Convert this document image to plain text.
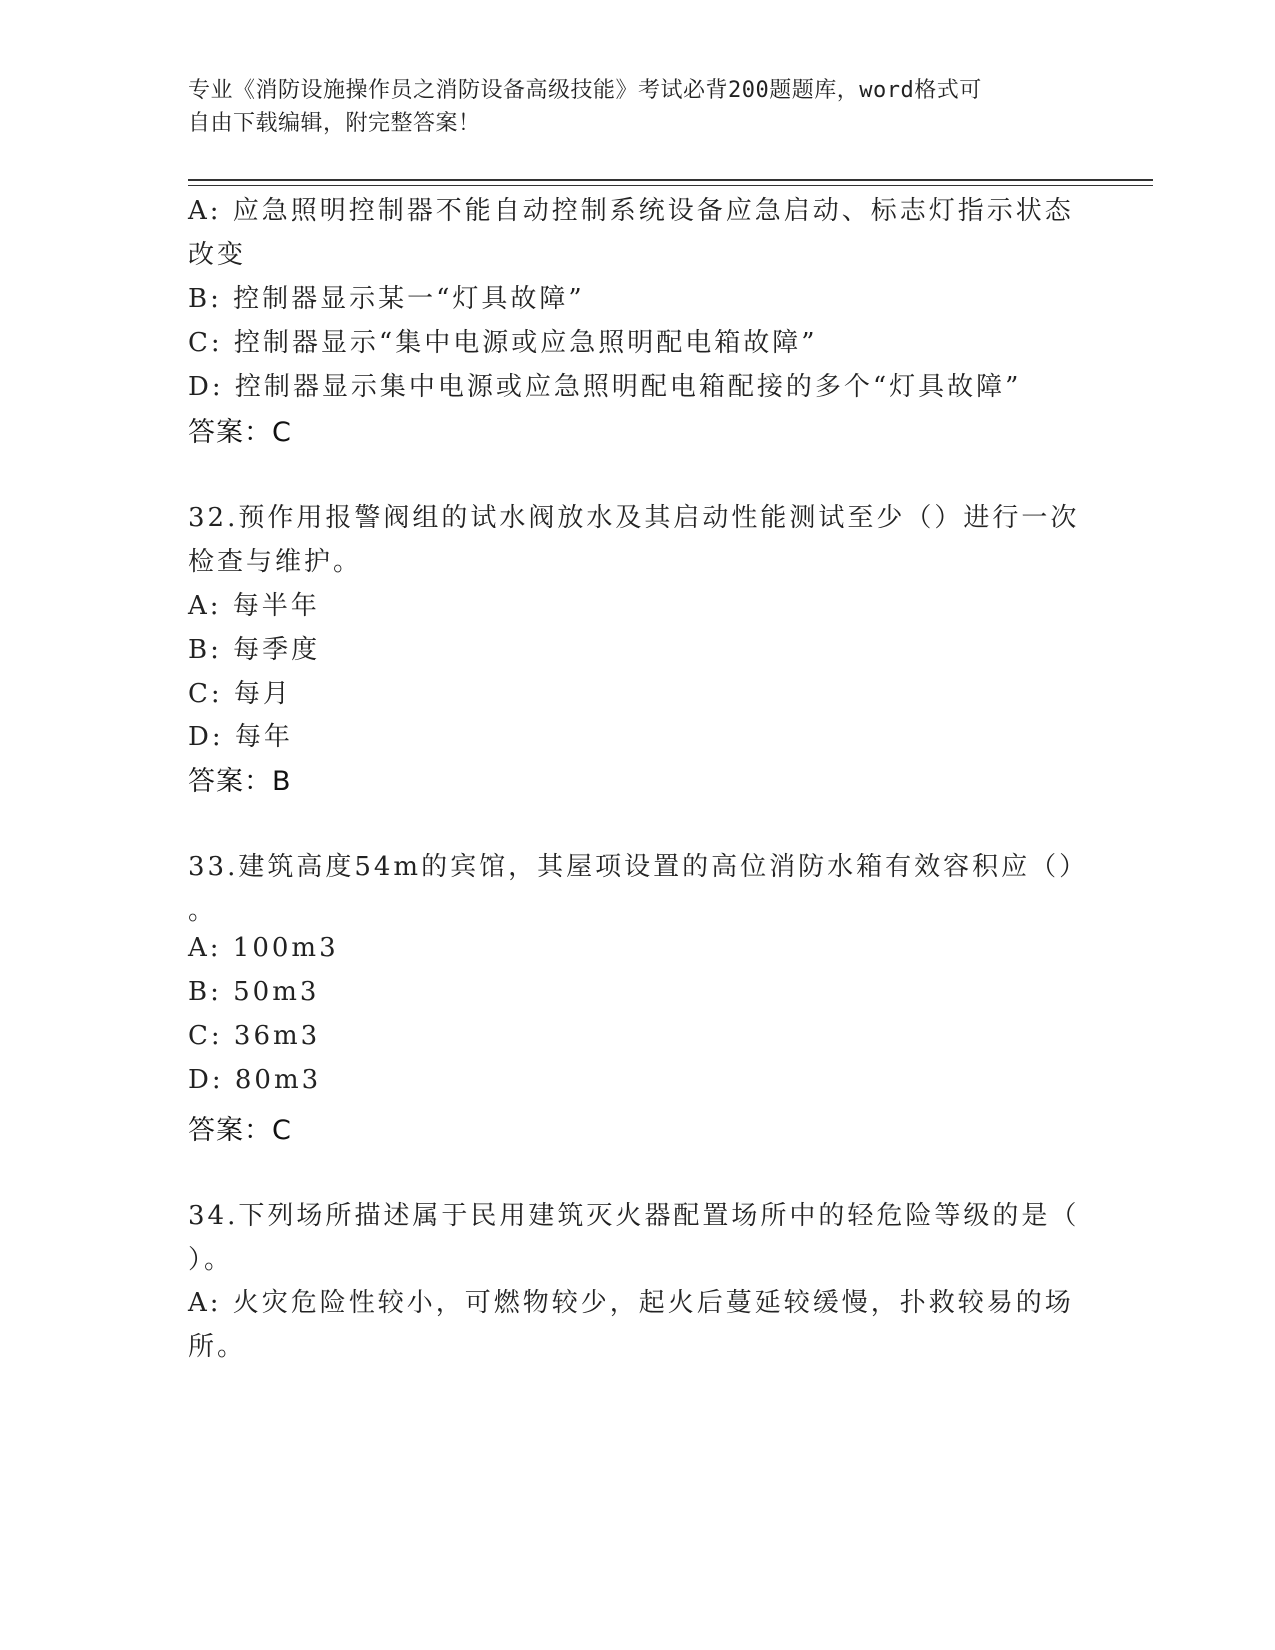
专业《消防设施操作员之消防设备高级技能》考试必背200题题库，word格式可
自由下载编辑，附完整答案！
A: 应急照明控制器不能自动控制系统设备应急启动、标志灯指示状态
改变
B: 控制器显示某一“灯具故障”
C: 控制器显示“集中电源或应急照明配电箱故障”
D: 控制器显示集中电源或应急照明配电箱配接的多个“灯具故障”
答案：C
32.预作用报警阀组的试水阀放水及其启动性能测试至少（）进行一次
检查与维护。
A: 每半年
B: 每季度
C: 每月
D: 每年
答案：B
33.建筑高度54m的宾馆，其屋项设置的高位消防水箱有效容积应（）
。
A: 100m3
B: 50m3
C: 36m3
D: 80m3
答案：C
34.下列场所描述属于民用建筑灭火器配置场所中的轻危险等级的是（
）。
A: 火灾危险性较小，可燃物较少，起火后蔓延较缓慢，扑救较易的场
所。
